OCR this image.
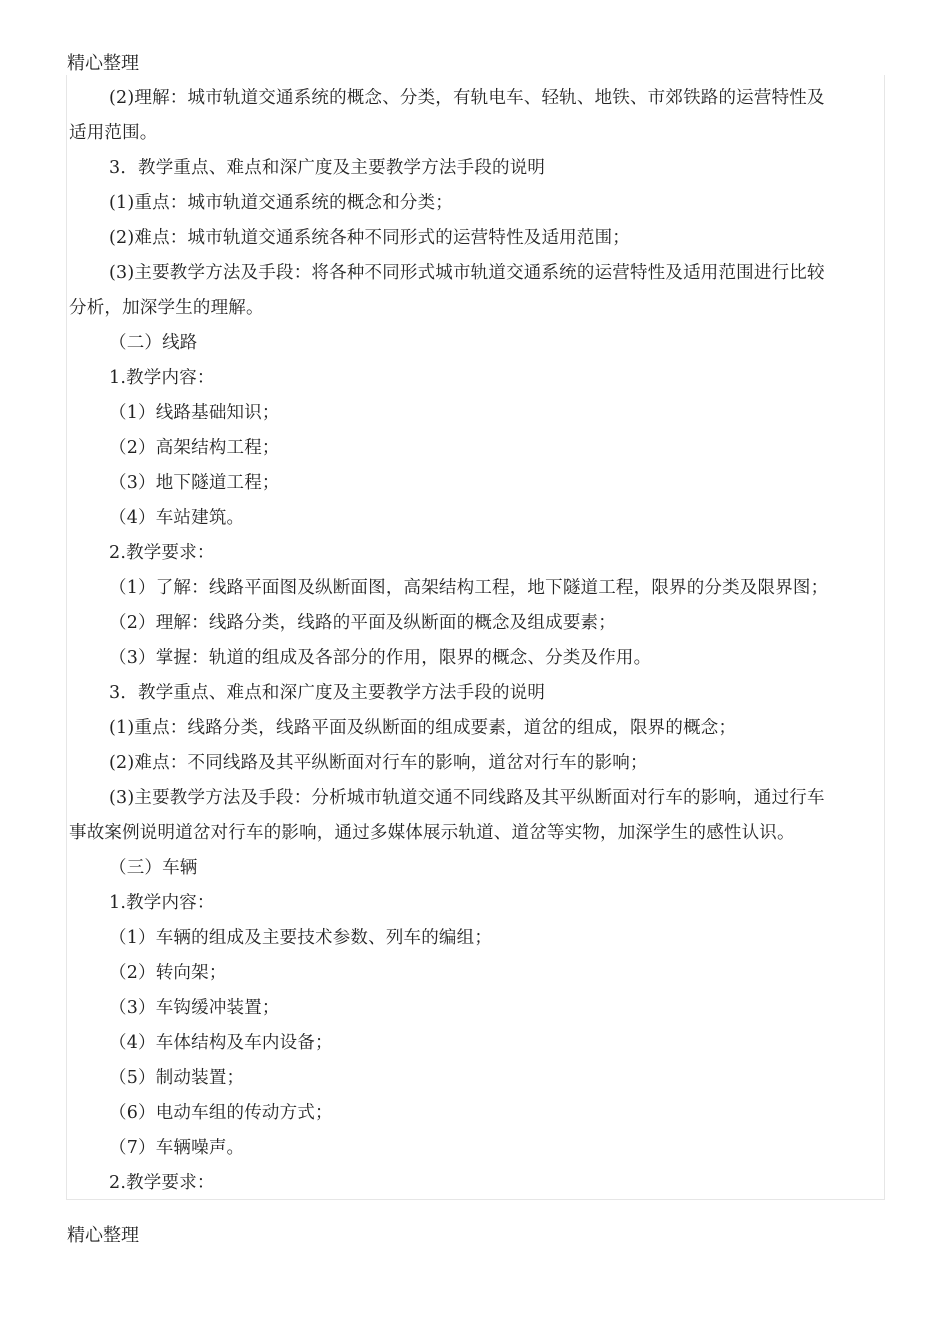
精心整理
(2)理解：城市轨道交通系统的概念、分类，有轨电车、轻轨、地铁、市郊铁路的运营特性及
适用范围。
3．教学重点、难点和深广度及主要教学方法手段的说明
(1)重点：城市轨道交通系统的概念和分类；
(2)难点：城市轨道交通系统各种不同形式的运营特性及适用范围；
(3)主要教学方法及手段：将各种不同形式城市轨道交通系统的运营特性及适用范围进行比较
分析，加深学生的理解。
（二）线路
1.教学内容：
（1）线路基础知识；
（2）高架结构工程；
（3）地下隧道工程；
（4）车站建筑。
2.教学要求：
（1）了解：线路平面图及纵断面图，高架结构工程，地下隧道工程，限界的分类及限界图；
（2）理解：线路分类，线路的平面及纵断面的概念及组成要素；
（3）掌握：轨道的组成及各部分的作用，限界的概念、分类及作用。
3．教学重点、难点和深广度及主要教学方法手段的说明
(1)重点：线路分类，线路平面及纵断面的组成要素，道岔的组成，限界的概念；
(2)难点：不同线路及其平纵断面对行车的影响，道岔对行车的影响；
(3)主要教学方法及手段：分析城市轨道交通不同线路及其平纵断面对行车的影响，通过行车
事故案例说明道岔对行车的影响，通过多媒体展示轨道、道岔等实物，加深学生的感性认识。
（三）车辆
1.教学内容：
（1）车辆的组成及主要技术参数、列车的编组；
（2）转向架；
（3）车钩缓冲装置；
（4）车体结构及车内设备；
（5）制动装置；
（6）电动车组的传动方式；
（7）车辆噪声。
2.教学要求：
精心整理
